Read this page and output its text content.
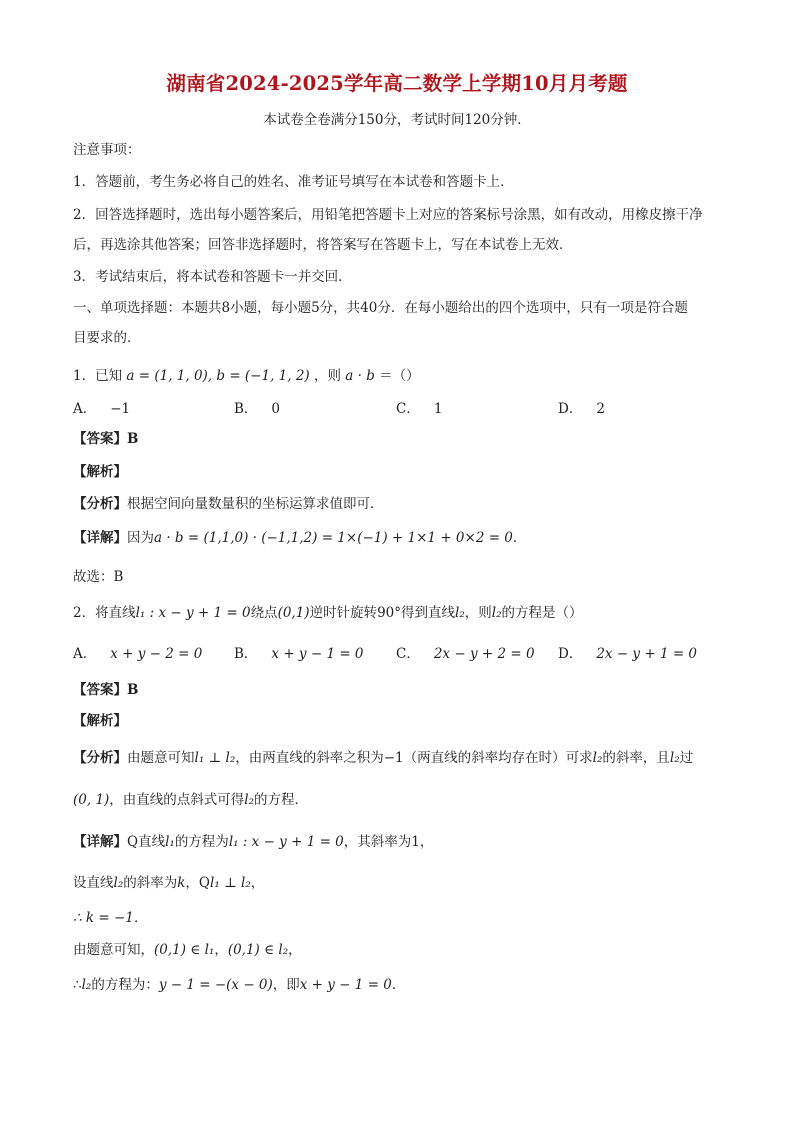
湖南省2024-2025学年高二数学上学期10月月考题
本试卷全卷满分150分，考试时间120分钟．
注意事项：
1．答题前，考生务必将自己的姓名、准考证号填写在本试卷和答题卡上．
2．回答选择题时，选出每小题答案后，用铅笔把答题卡上对应的答案标号涂黑，如有改动，用橡皮擦干净
后，再选涂其他答案；回答非选择题时，将答案写在答题卡上，写在本试卷上无效．
3．考试结束后，将本试卷和答题卡一并交回．
一、单项选择题：本题共8小题，每小题5分，共40分．在每小题给出的四个选项中，只有一项是符合题
目要求的．
1．已知 a = (1, 1, 0), b = (−1, 1, 2) ，则 a · b ＝（）
A． −1	B． 0	C． 1	D． 2
【答案】B
【解析】
【分析】根据空间向量数量积的坐标运算求值即可．
【详解】因为a · b = (1,1,0) · (−1,1,2) = 1×(−1) + 1×1 + 0×2 = 0．
故选：B
2．将直线l₁ : x − y + 1 = 0绕点(0,1)逆时针旋转90°得到直线l₂，则l₂的方程是（）
A． x + y − 2 = 0 B． x + y − 1 = 0 C． 2x − y + 2 = 0 D． 2x − y + 1 = 0
【答案】B
【解析】
【分析】由题意可知l₁ ⊥ l₂，由两直线的斜率之积为−1（两直线的斜率均存在时）可求l₂的斜率，且l₂过
(0, 1)，由直线的点斜式可得l₂的方程．
【详解】Q直线l₁的方程为l₁ : x − y + 1 = 0，其斜率为1，
设直线l₂的斜率为k，Ql₁ ⊥ l₂，
∴ k = −1．
由题意可知，(0,1) ∈ l₁，(0,1) ∈ l₂，
∴l₂的方程为：y − 1 = −(x − 0)，即x + y − 1 = 0．
